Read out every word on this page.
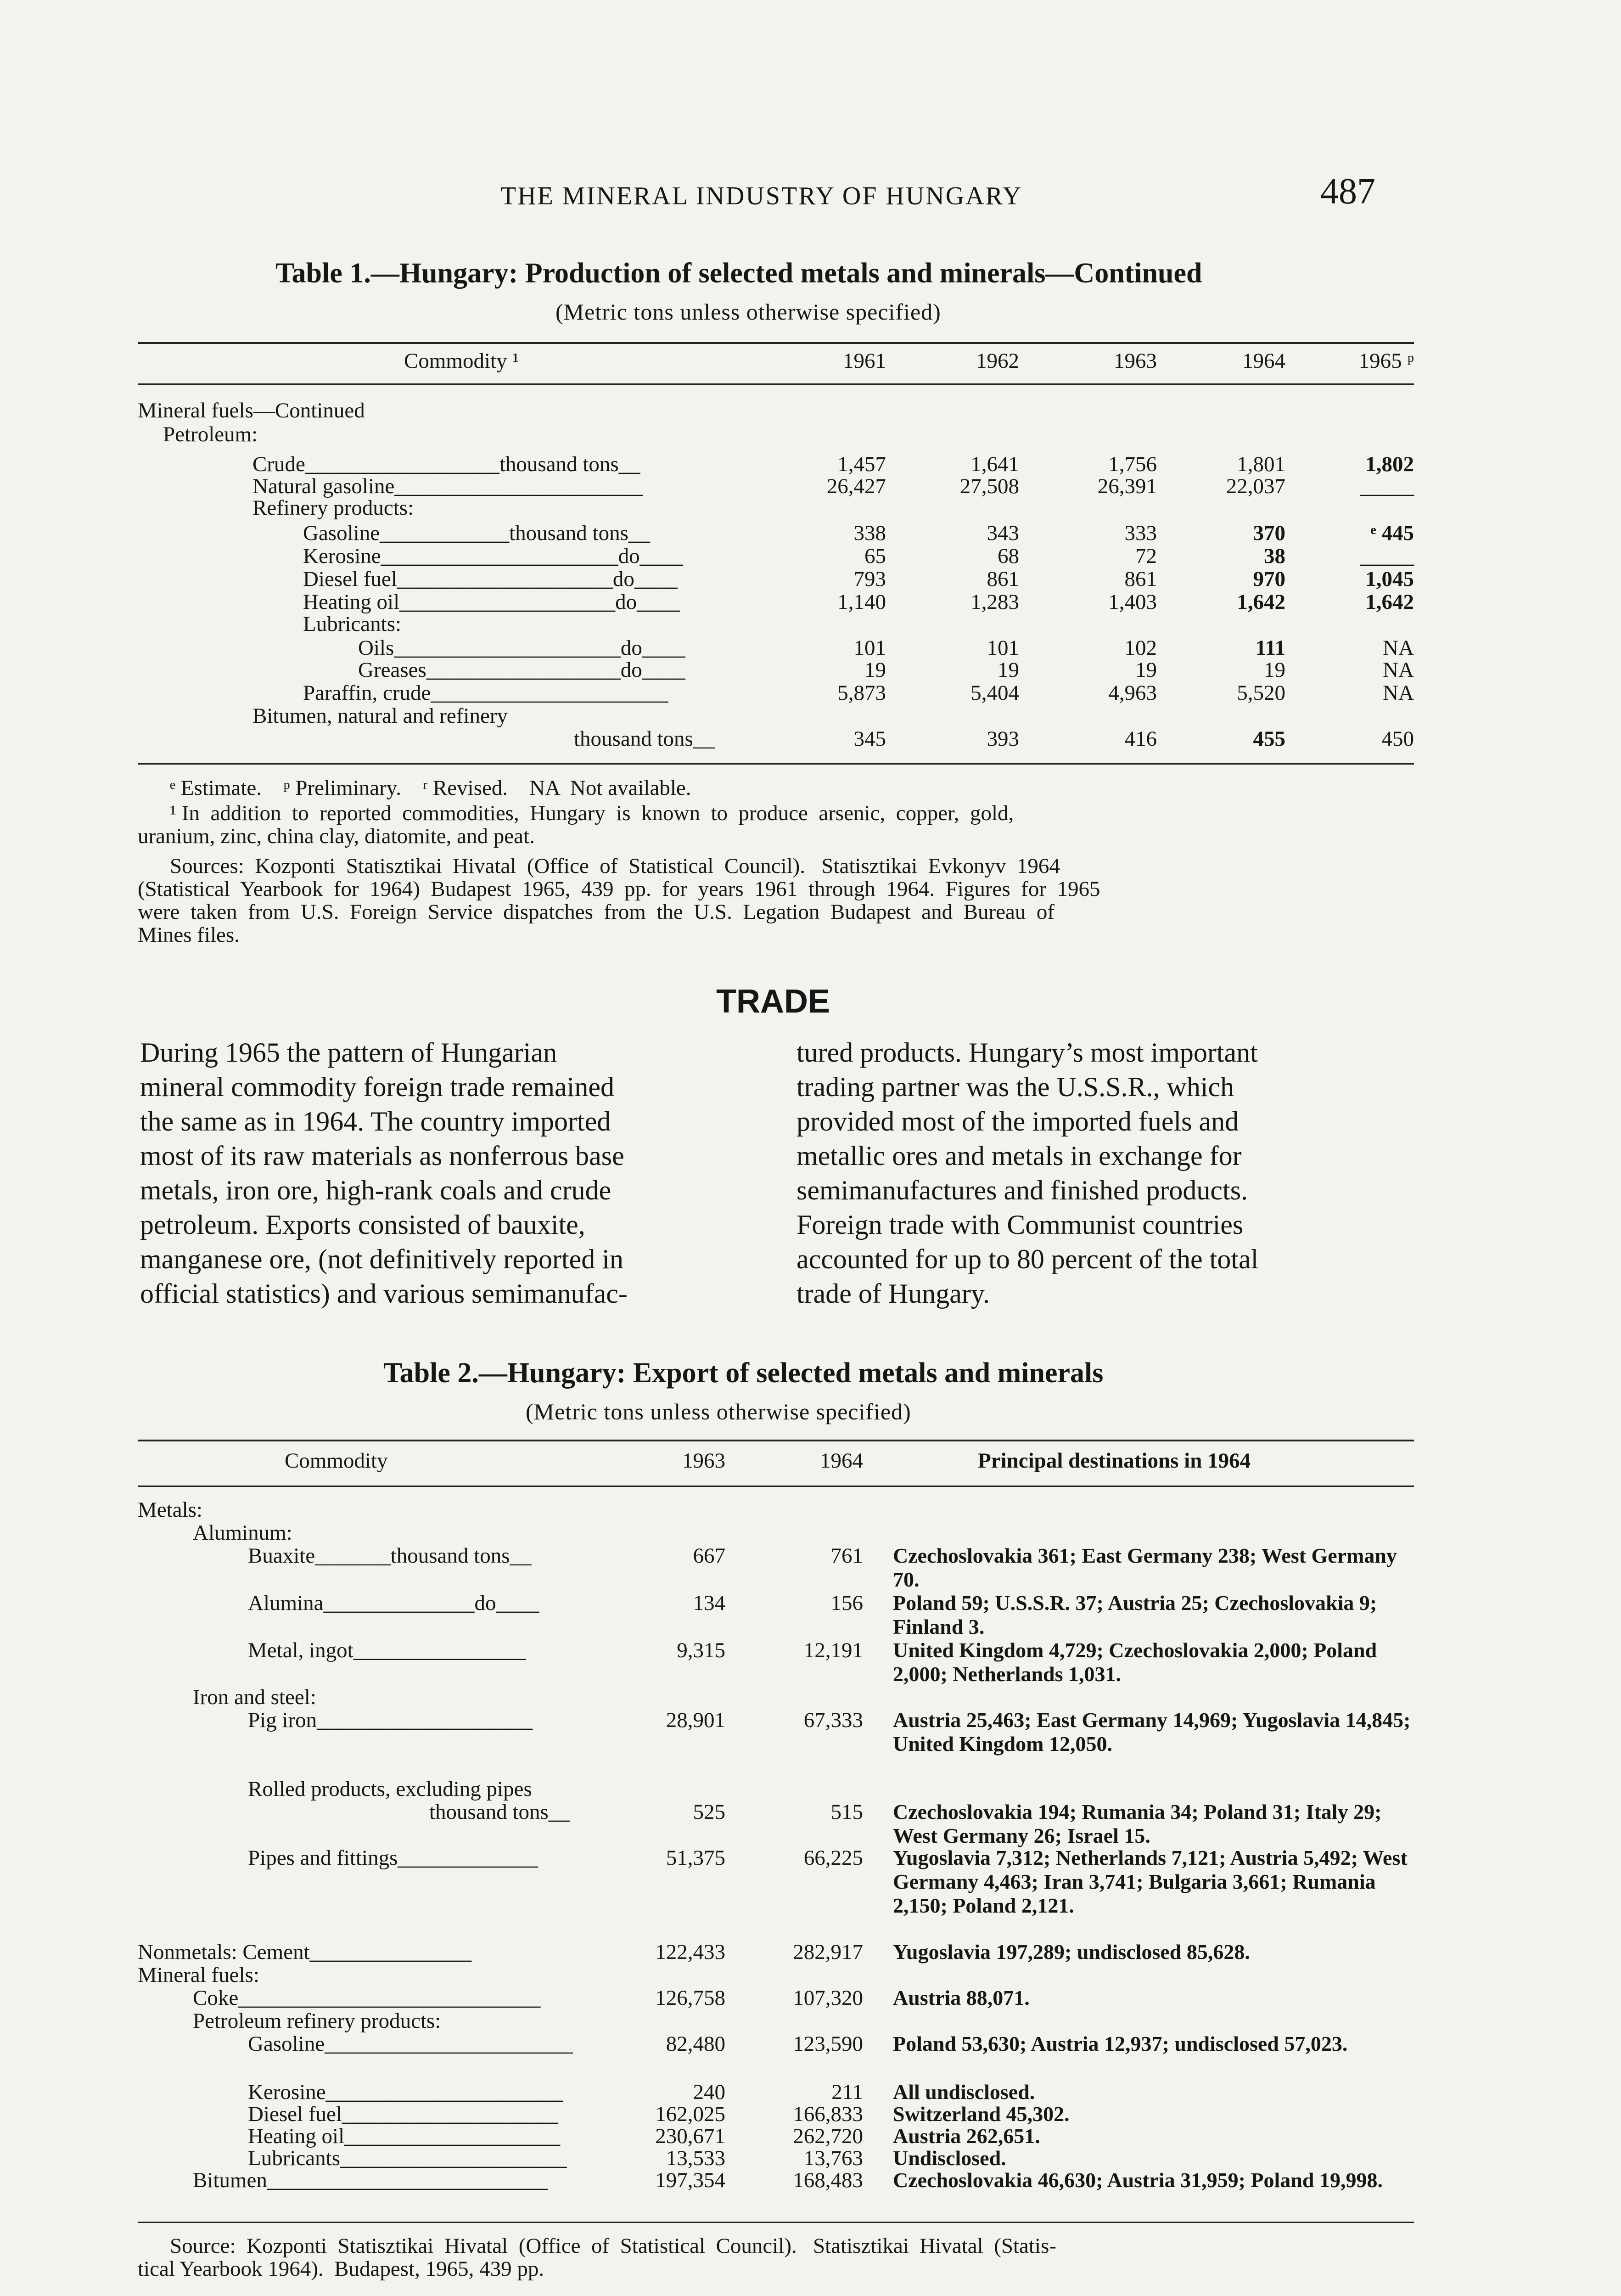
THE MINERAL INDUSTRY OF HUNGARY	487
Table 1.—Hungary: Production of selected metals and minerals—Continued
(Metric tons unless otherwise specified)
Commodity ¹	1961	1962	1963	1964	1965 ᵖ
Mineral fuels—Continued
Petroleum:
Crude__________________thousand tons__	1,457	1,641	1,756	1,801	1,802
Natural gasoline_______________________	26,427	27,508	26,391	22,037	_____
Refinery products:
Gasoline____________thousand tons__	338	343	333	370	ᵉ 445
Kerosine______________________do____	65	68	72	38	_____
Diesel fuel____________________do____	793	861	861	970	1,045
Heating oil____________________do____	1,140	1,283	1,403	1,642	1,642
Lubricants:
Oils_____________________do____	101	101	102	111	NA
Greases__________________do____	19	19	19	19	NA
Paraffin, crude______________________	5,873	5,404	4,963	5,520	NA
Bitumen, natural and refinery
thousand tons__	345	393	416	455	450
ᵉ Estimate.    ᵖ Preliminary.    ʳ Revised.    NA  Not available.
¹ In  addition  to  reported  commodities,  Hungary  is  known  to  produce  arsenic,  copper,  gold,
uranium, zinc, china clay, diatomite, and peat.
Sources:  Kozponti  Statisztikai  Hivatal  (Office  of  Statistical  Council).   Statisztikai  Evkonyv  1964
(Statistical  Yearbook  for  1964)  Budapest  1965,  439  pp.  for  years  1961  through  1964.  Figures  for  1965
were  taken  from  U.S.  Foreign  Service  dispatches  from  the  U.S.  Legation  Budapest  and  Bureau  of
Mines files.
TRADE
During 1965 the pattern of Hungarian
mineral commodity foreign trade remained
the same as in 1964. The country imported
most of its raw materials as nonferrous base
metals, iron ore, high-rank coals and crude
petroleum. Exports consisted of bauxite,
manganese ore, (not definitively reported in
official statistics) and various semimanufac-
tured products. Hungary’s most important
trading partner was the U.S.S.R., which
provided most of the imported fuels and
metallic ores and metals in exchange for
semimanufactures and finished products.
Foreign trade with Communist countries
accounted for up to 80 percent of the total
trade of Hungary.
Table 2.—Hungary: Export of selected metals and minerals
(Metric tons unless otherwise specified)
Commodity	1963	1964	Principal destinations in 1964
Metals:
Aluminum:
Buaxite_______thousand tons__	667	761 Czechoslovakia 361; East Germany 238; West Germany 70.
Alumina______________do____	134	156 Poland 59; U.S.S.R. 37; Austria 25; Czechoslovakia 9; Finland 3.
Metal, ingot________________	9,315	12,191 United Kingdom 4,729; Czechoslovakia 2,000; Poland 2,000; Netherlands 1,031.
Iron and steel:
Pig iron____________________	28,901	67,333 Austria 25,463; East Germany 14,969; Yugoslavia 14,845; United Kingdom 12,050.
Rolled products, excluding pipes
thousand tons__	525	515 Czechoslovakia 194; Rumania 34; Poland 31; Italy 29; West Germany 26; Israel 15.
Pipes and fittings_____________	51,375	66,225 Yugoslavia 7,312; Netherlands 7,121; Austria 5,492; West Germany 4,463; Iran 3,741; Bulgaria 3,661; Rumania 2,150; Poland 2,121.
Nonmetals: Cement_______________	122,433	282,917 Yugoslavia 197,289; undisclosed 85,628.
Mineral fuels:
Coke____________________________	126,758	107,320 Austria 88,071.
Petroleum refinery products:
Gasoline_______________________	82,480	123,590 Poland 53,630; Austria 12,937; undisclosed 57,023.
Kerosine______________________	240	211 All undisclosed.
Diesel fuel____________________	162,025	166,833 Switzerland 45,302.
Heating oil____________________	230,671	262,720 Austria 262,651.
Lubricants_____________________	13,533	13,763 Undisclosed.
Bitumen__________________________	197,354	168,483 Czechoslovakia 46,630; Austria 31,959; Poland 19,998.
Source:  Kozponti  Statisztikai  Hivatal  (Office  of  Statistical  Council).   Statisztikai  Hivatal  (Statis-
tical Yearbook 1964).  Budapest, 1965, 439 pp.
